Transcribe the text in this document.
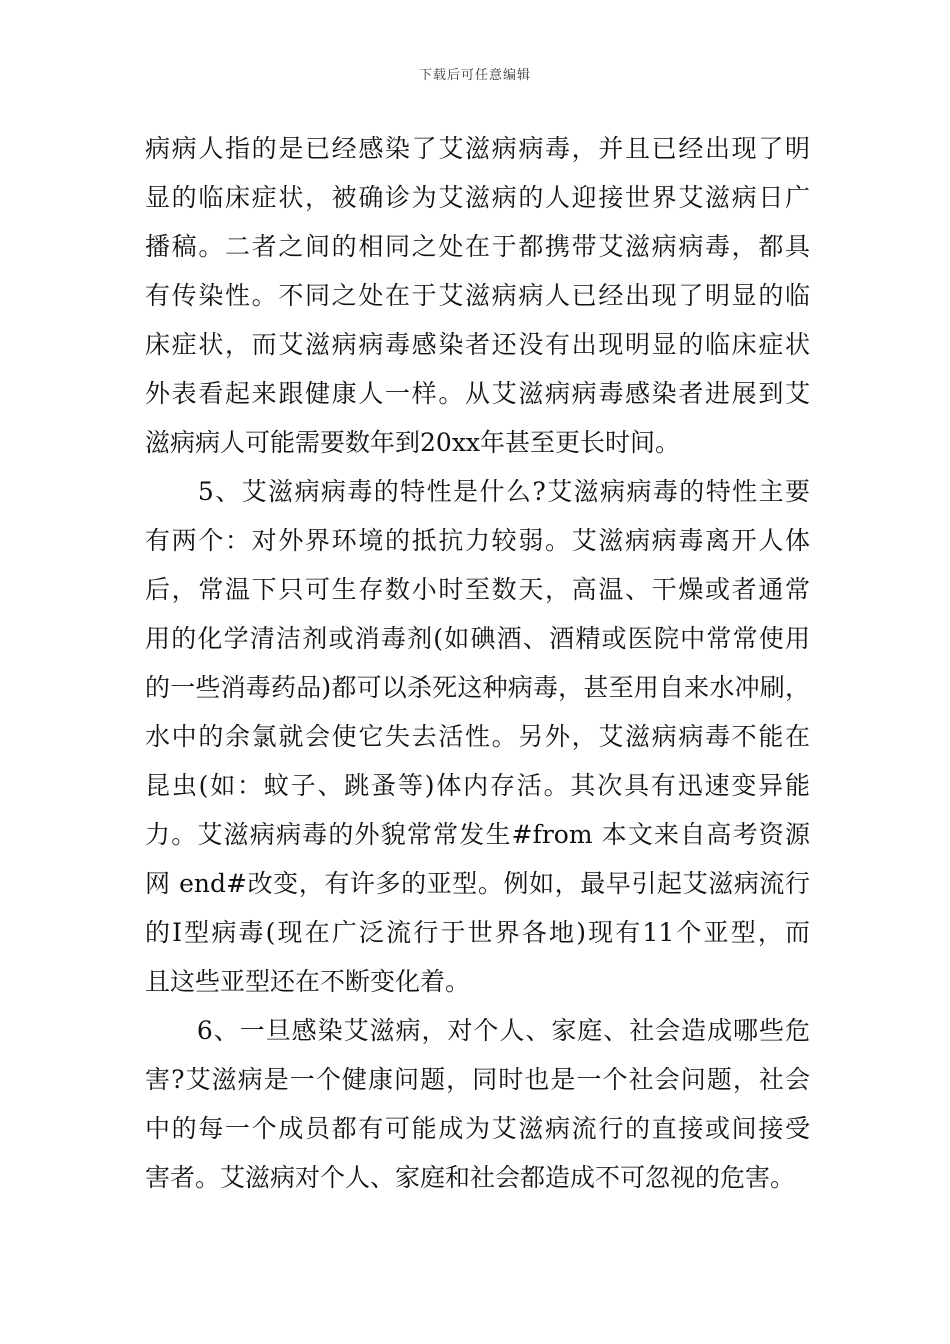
下载后可任意编辑
病病人指的是已经感染了艾滋病病毒，并且已经出现了明
显的临床症状，被确诊为艾滋病的人迎接世界艾滋病日广
播稿。二者之间的相同之处在于都携带艾滋病病毒，都具
有传染性。不同之处在于艾滋病病人已经出现了明显的临
床症状，而艾滋病病毒感染者还没有出现明显的临床症状
外表看起来跟健康人一样。从艾滋病病毒感染者进展到艾
滋病病人可能需要数年到20xx年甚至更长时间。
　　5、艾滋病病毒的特性是什么?艾滋病病毒的特性主要
有两个：对外界环境的抵抗力较弱。艾滋病病毒离开人体
后，常温下只可生存数小时至数天，高温、干燥或者通常
用的化学清洁剂或消毒剂(如碘酒、酒精或医院中常常使用
的一些消毒药品)都可以杀死这种病毒，甚至用自来水冲刷，
水中的余氯就会使它失去活性。另外，艾滋病病毒不能在
昆虫(如：蚊子、跳蚤等)体内存活。其次具有迅速变异能
力。艾滋病病毒的外貌常常发生#from 本文来自高考资源
网 end#改变，有许多的亚型。例如，最早引起艾滋病流行
的I型病毒(现在广泛流行于世界各地)现有11个亚型，而
且这些亚型还在不断变化着。
　　6、一旦感染艾滋病，对个人、家庭、社会造成哪些危
害?艾滋病是一个健康问题，同时也是一个社会问题，社会
中的每一个成员都有可能成为艾滋病流行的直接或间接受
害者。艾滋病对个人、家庭和社会都造成不可忽视的危害。
